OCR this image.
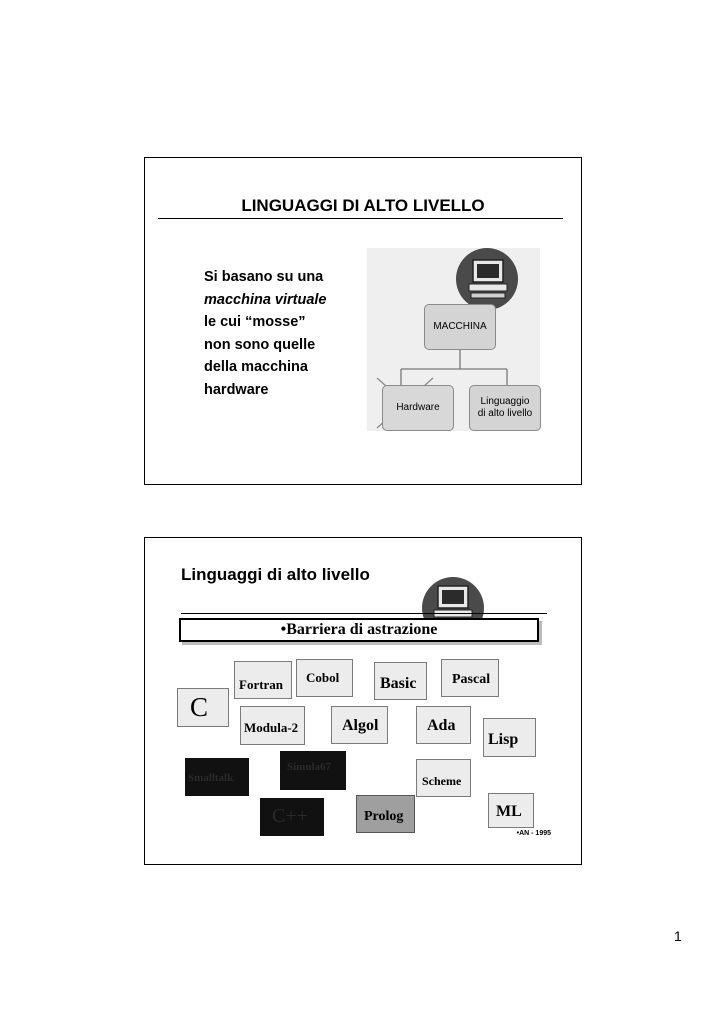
LINGUAGGI DI ALTO LIVELLO
Si basano su una
macchina virtuale
le cui “mosse”
non sono quelle
della macchina
hardware
MACCHINA
Hardware
Linguaggio
di alto livello
Linguaggi di alto livello
•Barriera di astrazione
Fortran	Cobol	Basic	Pascal
C
Modula-2	Algol	Ada
Lisp
Smalltalk
Simula67
Scheme
C++	Prolog	ML
•AN - 1995
1
